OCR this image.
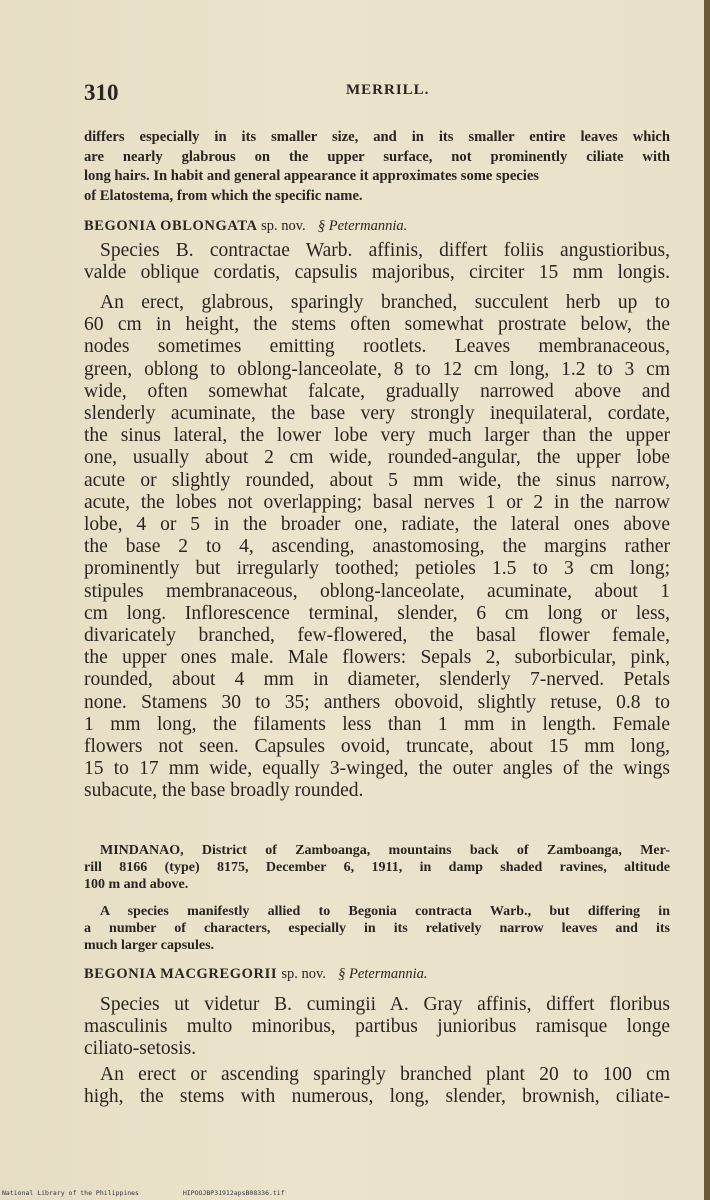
310	MERRILL.
differs especially in its smaller size, and in its smaller entire leaves which
are nearly glabrous on the upper surface, not prominently ciliate with
long hairs. In habit and general appearance it approximates some species
of Elatostema, from which the specific name.
BEGONIA OBLONGATA sp. nov. § Petermannia.
Species B. contractae Warb. affinis, differt foliis angustioribus,
valde oblique cordatis, capsulis majoribus, circiter 15 mm longis.
An erect, glabrous, sparingly branched, succulent herb up to
60 cm in height, the stems often somewhat prostrate below, the
nodes sometimes emitting rootlets. Leaves membranaceous,
green, oblong to oblong-lanceolate, 8 to 12 cm long, 1.2 to 3 cm
wide, often somewhat falcate, gradually narrowed above and
slenderly acuminate, the base very strongly inequilateral, cordate,
the sinus lateral, the lower lobe very much larger than the upper
one, usually about 2 cm wide, rounded-angular, the upper lobe
acute or slightly rounded, about 5 mm wide, the sinus narrow,
acute, the lobes not overlapping; basal nerves 1 or 2 in the narrow
lobe, 4 or 5 in the broader one, radiate, the lateral ones above
the base 2 to 4, ascending, anastomosing, the margins rather
prominently but irregularly toothed; petioles 1.5 to 3 cm long;
stipules membranaceous, oblong-lanceolate, acuminate, about 1
cm long. Inflorescence terminal, slender, 6 cm long or less,
divaricately branched, few-flowered, the basal flower female,
the upper ones male. Male flowers: Sepals 2, suborbicular, pink,
rounded, about 4 mm in diameter, slenderly 7-nerved. Petals
none. Stamens 30 to 35; anthers obovoid, slightly retuse, 0.8 to
1 mm long, the filaments less than 1 mm in length. Female
flowers not seen. Capsules ovoid, truncate, about 15 mm long,
15 to 17 mm wide, equally 3-winged, the outer angles of the wings
subacute, the base broadly rounded.
MINDANAO, District of Zamboanga, mountains back of Zamboanga, Mer-
rill 8166 (type) 8175, December 6, 1911, in damp shaded ravines, altitude
100 m and above.
A species manifestly allied to Begonia contracta Warb., but differing in
a number of characters, especially in its relatively narrow leaves and its
much larger capsules.
BEGONIA MACGREGORII sp. nov. § Petermannia.
Species ut videtur B. cumingii A. Gray affinis, differt floribus
masculinis multo minoribus, partibus junioribus ramisque longe
ciliato-setosis.
An erect or ascending sparingly branched plant 20 to 100 cm
high, the stems with numerous, long, slender, brownish, ciliate-
National Library of the Philippines	HIPOOJBP31912apsB08336.tif
